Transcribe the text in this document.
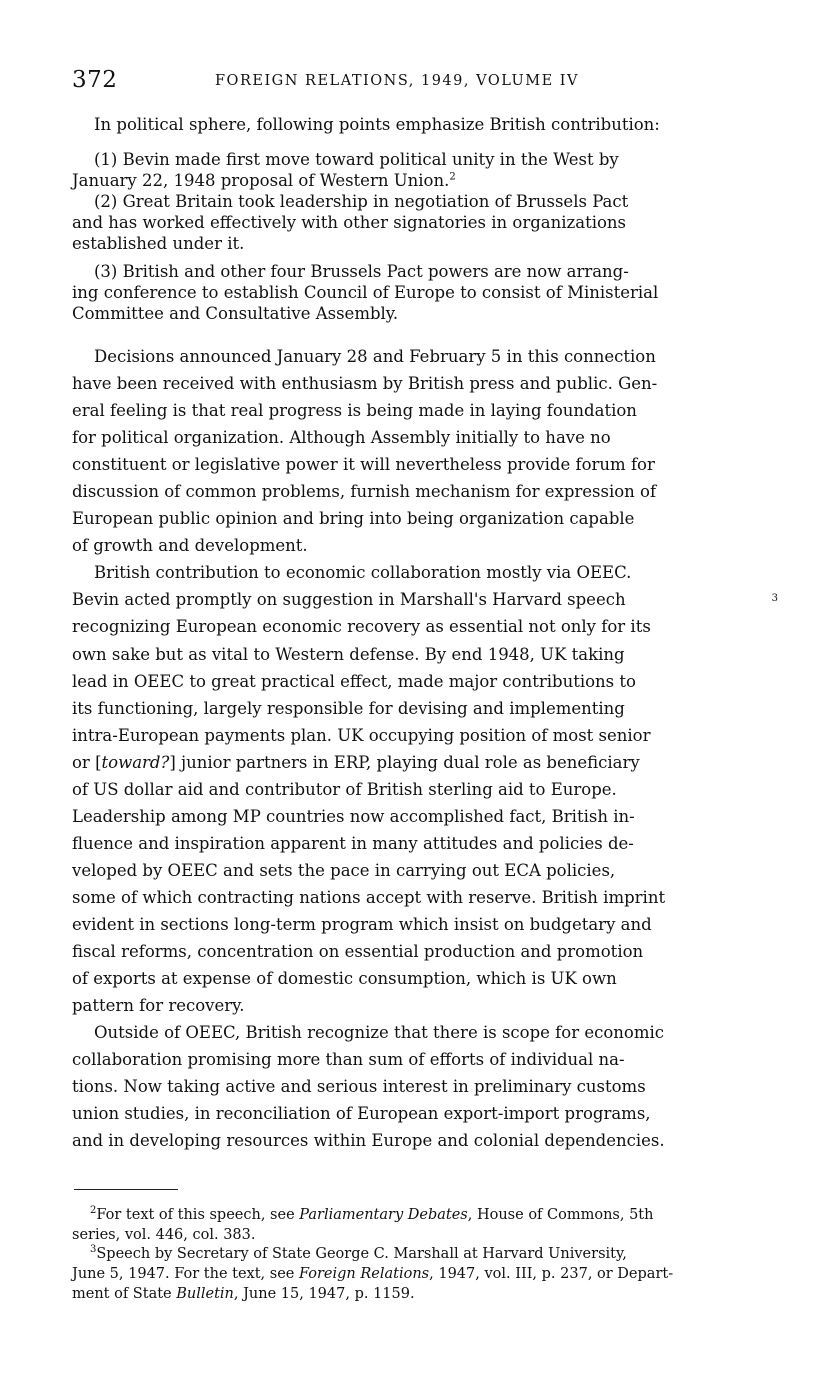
372	FOREIGN RELATIONS, 1949, VOLUME IV
In political sphere, following points emphasize British contribution:
(1) Bevin made first move toward political unity in the West by
January 22, 1948 proposal of Western Union.$^2$
(2) Great Britain took leadership in negotiation of Brussels Pact
and has worked effectively with other signatories in organizations
established under it.
(3) British and other four Brussels Pact powers are now arrang-
ing conference to establish Council of Europe to consist of Ministerial
Committee and Consultative Assembly.
Decisions announced January 28 and February 5 in this connection
have been received with enthusiasm by British press and public. Gen-
eral feeling is that real progress is being made in laying foundation
for political organization. Although Assembly initially to have no
constituent or legislative power it will nevertheless provide forum for
discussion of common problems, furnish mechanism for expression of
European public opinion and bring into being organization capable
of growth and development.
British contribution to economic collaboration mostly via OEEC.
Bevin acted promptly on suggestion in Marshall's Harvard speech	3
recognizing European economic recovery as essential not only for its
own sake but as vital to Western defense. By end 1948, UK taking
lead in OEEC to great practical effect, made major contributions to
its functioning, largely responsible for devising and implementing
intra-European payments plan. UK occupying position of most senior
or [toward?] junior partners in ERP, playing dual role as beneficiary
of US dollar aid and contributor of British sterling aid to Europe.
Leadership among MP countries now accomplished fact, British in-
fluence and inspiration apparent in many attitudes and policies de-
veloped by OEEC and sets the pace in carrying out ECA policies,
some of which contracting nations accept with reserve. British imprint
evident in sections long-term program which insist on budgetary and
fiscal reforms, concentration on essential production and promotion
of exports at expense of domestic consumption, which is UK own
pattern for recovery.
Outside of OEEC, British recognize that there is scope for economic
collaboration promising more than sum of efforts of individual na-
tions. Now taking active and serious interest in preliminary customs
union studies, in reconciliation of European export-import programs,
and in developing resources within Europe and colonial dependencies.
$^2$For text of this speech, see Parliamentary Debates, House of Commons, 5th
series, vol. 446, col. 383.
$^3$Speech by Secretary of State George C. Marshall at Harvard University,
June 5, 1947. For the text, see Foreign Relations, 1947, vol. III, p. 237, or Depart-
ment of State Bulletin, June 15, 1947, p. 1159.
